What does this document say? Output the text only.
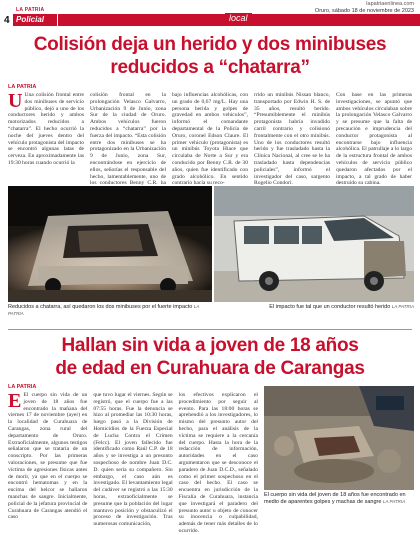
4
LA PATRIA
Policial	local
lapatriaenlinea.com
Oruro, sábado 18 de noviembre de 2023
Colisión deja un herido y dos minibuses
reducidos a “chatarra”
LA PATRIA
U Una colisión frontal entre dos minibuses de servicio público, dejó a uno de los conductores herido y ambos motorizados reducidos a “chatarra”. El hecho ocurrió la noche del jueves dentro del vehículo protagonista del impacto se encontró algunas latas de cerveza. En aproximadamente las 19:30 horas cuando ocurrió la
colisión frontal en la prolongación Velasco Galvarro, Urbanización 9 de Junio, zona Sur de la ciudad de Oruro. Ambos vehículos fueron reducidos a “chatarra” por la fuerza del impacto. “Esta colisión entre dos minibuses se ha protagonizado en la Urbanización 9 de Junio, zona Sur, encontrándose en ejercicio de ellos, señorías el responsable del hecho, lamentablemente, uno de los conductores Benny C.R. ha
bajo influencias alcohólicas, con un grado de 0,67 mg/L. Hay una persona herida y golpes de gravedad en ambos vehículos”, informó el comandante departamental de la Policía de Oruro, coronel Edson Claure. El primer vehículo (protagonista) es un minibús Toyota Hiace que circulaba de Norte a Sur y era conducido por Benny C.R. de 30 años, quien fue identificado con grado alcohólico. En sentido contrario hacía su reco-
rrido un minibús Nissan blanco, transportado por Edwin H. S. de 35 años, resultó herido. “Presumiblemente el minibús protagonista habría invadido carril contrario y colisionó frontalmente con el otro minibús. Uno de los conductores resultó herido y fue trasladado hasta la Clínica Nacional, al cree se le ha trasladado hasta dependencias policiales”, informó el investigador del caso, sargento Rogelio Condori.
Con base en las primeras investigaciones, se apuntó que ambos vehículos circulaban sobre la prolongación Velasco Galvarro y se presume que la falta de precaución e imprudencia del conductor protagonista al encontrarse bajo influencia alcohólica. El patrullaje a lo largo de la estructura frontal de ambos vehículos de servicio público quedaron afectados por el impacto, a tal grado de haber destruido su cabina.
Reducidos a chatarra, así quedaron los dos minibuses por el fuerte impacto LA PATRIA
El impacto fue tal que un conductor resultó herido LA PATRIA
Hallan sin vida a joven de 18 años
de edad en Curahuara de Carangas
LA PATRIA
E El cuerpo sin vida de un joven de 18 años fue encontrado la mañana del viernes 17 de noviembre (ayer) en la localidad de Curahuara de Carangas, zona rural del departamento de Oruro. Extraoficialmente, algunos testigos señalaron que se trataría de un conscripto. Por las primeras valoraciones, se presume que fue víctima de agresiones físicas antes de morir, ya que en el cuerpo se encontró hematomas y en la encima del helcor se hallaron manchas de sangre. Inicialmente, policial de la jefatura provincial de Curahuara de Carangas atendió el caso
que tuvo lugar el viernes. Según se registró, que el cuerpo fue a las 07:55 horas. Fue la denuncia se hizo al promediar las 10:30 horas, luego pasó a la División de Homicidios de la Fuerza Especial de Lucha Contra el Crimen (Felcc). El joven fallecido fue identificado como Raúl C.P. de 18 años y se investiga a un presunto sospechoso de nombre Juan D.C. D. quien sería su compañero. Sin embargo, el caso aún es investigado. El levantamiento legal del cadáver se registró a las 15:30 horas, extraoficialmente se presume que la población del lugar mantuvo posición y obstaculizó el proceso de investigación. Tras numerosas comunicación,
los efectivos explicaron el procedimiento por seguir al evento. Para las 18:00 horas se aprehendió a los investigadores, lo mismo del presunto autor del hecho, para el análisis de la víctima se requiere a la cercanía del cuerpo. Hasta la hora de la redacción de información, autoridades en el caso argumentaron que se desconoce el paradero de Juan D.C.D., señalado como el primer sospechoso en el caso del hecho. El caso se encuentra en jurisdicción de la Fiscalía de Curahuara, instancia que investigará el paradero del presunto autor u objeto de conocer su inocencia o culpabilidad, además de tener más detalles de lo ocurrido.
El cuerpo sin vida del joven de 18 años fue encontrado en medio de aparentes golpes y machas de sangre LA PATRIA
